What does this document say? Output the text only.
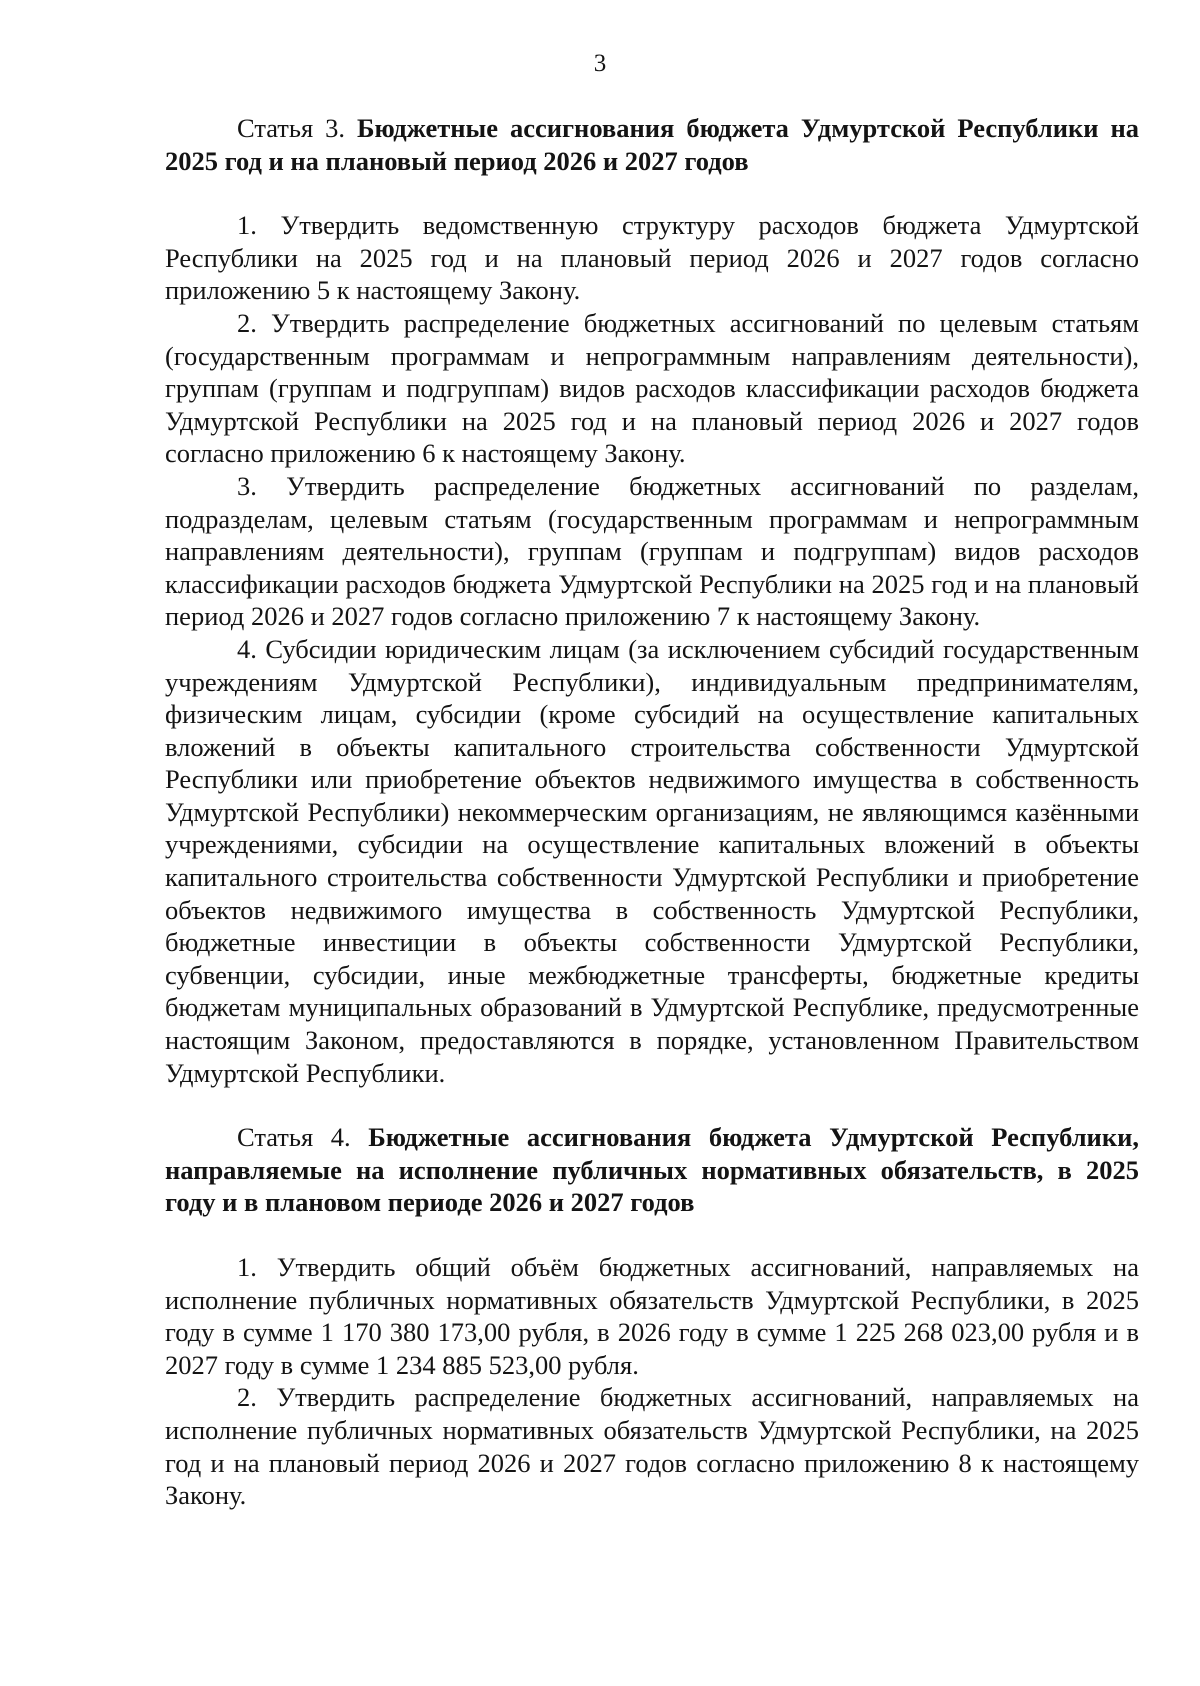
3
Статья 3. Бюджетные ассигнования бюджета Удмуртской Республики на 2025 год и на плановый период 2026 и 2027 годов

1. Утвердить ведомственную структуру расходов бюджета Удмуртской Республики на 2025 год и на плановый период 2026 и 2027 годов согласно приложению 5 к настоящему Закону.

2. Утвердить распределение бюджетных ассигнований по целевым статьям (государственным программам и непрограммным направлениям деятельности), группам (группам и подгруппам) видов расходов классификации расходов бюджета Удмуртской Республики на 2025 год и на плановый период 2026 и 2027 годов согласно приложению 6 к настоящему Закону.

3. Утвердить распределение бюджетных ассигнований по разделам, подразделам, целевым статьям (государственным программам и непрограммным направлениям деятельности), группам (группам и подгруппам) видов расходов классификации расходов бюджета Удмуртской Республики на 2025 год и на плановый период 2026 и 2027 годов согласно приложению 7 к настоящему Закону.

4. Субсидии юридическим лицам (за исключением субсидий государственным учреждениям Удмуртской Республики), индивидуальным предпринимателям, физическим лицам, субсидии (кроме субсидий на осуществление капитальных вложений в объекты капитального строительства собственности Удмуртской Республики или приобретение объектов недвижимого имущества в собственность Удмуртской Республики) некоммерческим организациям, не являющимся казёнными учреждениями, субсидии на осуществление капитальных вложений в объекты капитального строительства собственности Удмуртской Республики и приобретение объектов недвижимого имущества в собственность Удмуртской Республики, бюджетные инвестиции в объекты собственности Удмуртской Республики, субвенции, субсидии, иные межбюджетные трансферты, бюджетные кредиты бюджетам муниципальных образований в Удмуртской Республике, предусмотренные настоящим Законом, предоставляются в порядке, установленном Правительством Удмуртской Республики.

Статья 4. Бюджетные ассигнования бюджета Удмуртской Республики, направляемые на исполнение публичных нормативных обязательств, в 2025 году и в плановом периоде 2026 и 2027 годов

1. Утвердить общий объём бюджетных ассигнований, направляемых на исполнение публичных нормативных обязательств Удмуртской Республики, в 2025 году в сумме 1 170 380 173,00 рубля, в 2026 году в сумме 1 225 268 023,00 рубля и в 2027 году в сумме 1 234 885 523,00 рубля.

2. Утвердить распределение бюджетных ассигнований, направляемых на исполнение публичных нормативных обязательств Удмуртской Республики, на 2025 год и на плановый период 2026 и 2027 годов согласно приложению 8 к настоящему Закону.
